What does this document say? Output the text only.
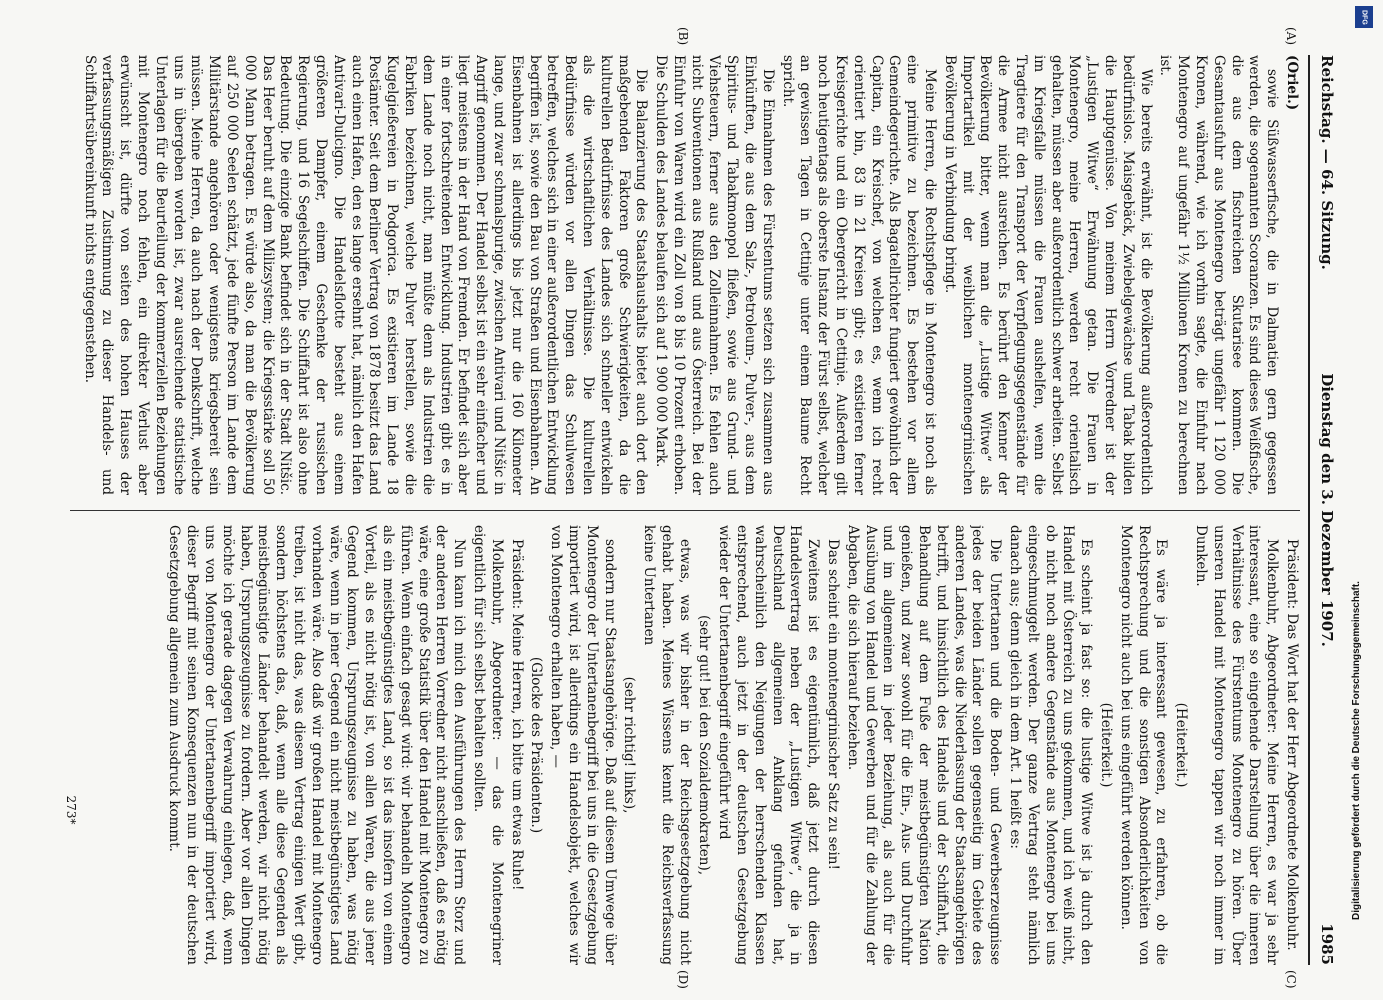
Reichstag. — 64. Sitzung.
Dienstag den 3. Dezember 1907.
1985
(A)
(B)
(C)
(D)

(Oriel.)

sowie Süßwasserfische, die in Dalmatien gern gegessen werden, die sogenannten Scoranzen. Es sind dieses Weißfische, die aus dem fischreichen Skutarisee kommen. Die Gesamtausfuhr aus Montenegro beträgt ungefähr 1 120 000 Kronen, während, wie ich vorhin sagte, die Einfuhr nach Montenegro auf ungefähr 1½ Millionen Kronen zu berechnen ist.

Wie bereits erwähnt, ist die Bevölkerung außerordentlich bedürfnislos. Maisgebäck, Zwiebelgewächse und Tabak bilden die Hauptgenüsse. Von meinem Herrn Vorredner ist der „Lustigen Witwe“ Erwähnung getan. Die Frauen in Montenegro, meine Herren, werden recht orientalisch gehalten, müssen aber außerordentlich schwer arbeiten. Selbst im Kriegsfalle müssen die Frauen aushelfen, wenn die Tragtiere für den Transport der Verpflegungsgegenstände für die Armee nicht ausreichen. Es berührt den Kenner der Bevölkerung bitter, wenn man die „Lustige Witwe“ als Importartikel mit der weiblichen montenegrinischen Bevölkerung in Verbindung bringt.

Meine Herren, die Rechtspflege in Montenegro ist noch als eine primitive zu bezeichnen. Es bestehen vor allem Gemeindegerichte. Als Bagatellrichter fungiert gewöhnlich der Capitan, ein Kreischef, von welchen es, wenn ich recht orientiert bin, 83 in 21 Kreisen gibt; es existieren ferner Kreisgerichte und ein Obergericht in Cettinje. Außerdem gilt noch heutigentags als oberste Instanz der Fürst selbst, welcher an gewissen Tagen in Cettinje unter einem Baume Recht spricht.

Die Einnahmen des Fürstentums setzen sich zusammen aus Einkünften, die aus dem Salz-, Petroleum-, Pulver-, aus dem Spiritus- und Tabakmonopol fließen, sowie aus Grund- und Viehsteuern, ferner aus den Zolleinnahmen. Es fehlen auch nicht Subventionen aus Rußland und aus Österreich. Bei der Einfuhr von Waren wird ein Zoll von 8 bis 10 Prozent erhoben. Die Schulden des Landes belaufen sich auf 1 900 000 Mark.

Die Balanzierung des Staatshaushalts bietet auch dort den maßgebenden Faktoren große Schwierigkeiten, da die kulturellen Bedürfnisse des Landes sich schneller entwickeln als die wirtschaftlichen Verhältnisse. Die kulturellen Bedürfnisse würden vor allen Dingen das Schulwesen betreffen, welches sich in einer außerordentlichen Entwicklung begriffen ist, sowie den Bau von Straßen und Eisenbahnen. An Eisenbahnen ist allerdings bis jetzt nur die 160 Kilometer lange, und zwar schmalspurige, zwischen Antivari und Nitšic in Angriff genommen. Der Handel selbst ist ein sehr einfacher und liegt meistens in der Hand von Fremden. Er befindet sich aber in einer fortschreitenden Entwicklung. Industrien gibt es in dem Lande noch nicht, man müßte denn als Industrien die Fabriken bezeichnen, welche Pulver herstellen, sowie die Kugelgießereien in Podgorica. Es existieren im Lande 18 Postämter. Seit dem Berliner Vertrag von 1878 besitzt das Land auch einen Hafen, den es lange ersehnt hat, nämlich den Hafen Antivari-Dulcigno. Die Handelsflotte besteht aus einem größeren Dampfer, einem Geschenke der russischen Regierung, und 16 Segelschiffen. Die Schiffahrt ist also ohne Bedeutung. Die einzige Bank befindet sich in der Stadt Nitšic. Das Heer beruht auf dem Milizsystem; die Kriegsstärke soll 50 000 Mann betragen. Es würde also, da man die Bevölkerung auf 250 000 Seelen schätzt, jede fünfte Person im Lande dem Militärstande angehören oder wenigstens kriegsbereit sein müssen. Meine Herren, da auch nach der Denkschrift, welche uns in übergeben worden ist, zwar ausreichende statistische Unterlagen für die Beurteilung der kommerziellen Beziehungen mit Montenegro noch fehlen, ein direkter Verlust aber erwünscht ist, dürfte von seiten des hohen Hauses der verfassungsmäßigen Zustimmung zu dieser Handels- und Schiffahrtsübereinkunft nichts entgegenstehen.

Präsident: Das Wort hat der Herr Abgeordnete Molkenbuhr.

Molkenbuhr, Abgeordneter: Meine Herren, es war ja sehr interessant, eine so eingehende Darstellung über die inneren Verhältnisse des Fürstentums Montenegro zu hören. Über unseren Handel mit Montenegro tappen wir noch immer im Dunkeln.

(Heiterkeit.)

Es wäre ja interessant gewesen, zu erfahren, ob die Rechtsprechung und die sonstigen Absonderlichkeiten von Montenegro nicht auch bei uns eingeführt werden können.

(Heiterkeit.)

Es scheint ja fast so: die lustige Witwe ist ja durch den Handel mit Österreich zu uns gekommen, und ich weiß nicht, ob nicht noch andere Gegenstände aus Montenegro bei uns eingeschmuggelt werden. Der ganze Vertrag steht nämlich danach aus; denn gleich in dem Art. 1 heißt es:

Die Untertanen und die Boden- und Gewerbserzeugnisse jedes der beiden Länder sollen gegenseitig im Gebiete des anderen Landes, was die Niederlassung der Staatsangehörigen betrifft, und hinsichtlich des Handels und der Schiffahrt, die Behandlung auf dem Fuße der meistbegünstigten Nation genießen, und zwar sowohl für die Ein-, Aus- und Durchfuhr und im allgemeinen in jeder Beziehung, als auch für die Ausübung von Handel und Gewerben und für die Zahlung der Abgaben, die sich hierauf beziehen.

Das scheint ein montenegrinischer Satz zu sein!

Zweitens ist es eigentümlich, daß jetzt durch diesen Handelsvertrag neben der „Lustigen Witwe“, die ja in Deutschland allgemeinen Anklang gefunden hat, wahrscheinlich den Neigungen der herrschenden Klassen entsprechend, auch jetzt in der deutschen Gesetzgebung wieder der Untertanenbegriff eingeführt wird

(sehr gut! bei den Sozialdemokraten),

etwas, was wir bisher in der Reichsgesetzgebung nicht gehabt haben. Meines Wissens kennt die Reichsverfassung keine Untertanen

(sehr richtig! links),

sondern nur Staatsangehörige. Daß auf diesem Umwege über Montenegro der Untertanenbegriff bei uns in die Gesetzgebung importiert wird, ist allerdings ein Handelsobjekt, welches wir von Montenegro erhalten haben, —

(Glocke des Präsidenten.)

Präsident: Meine Herren, ich bitte um etwas Ruhe!

Molkenbuhr, Abgeordneter: — das die Montenegriner eigentlich für sich selbst behalten sollten.

Nun kann ich mich den Ausführungen des Herrn Storz und der anderen Herren Vorredner nicht anschließen, daß es nötig wäre, eine große Statistik über den Handel mit Montenegro zu führen. Wenn einfach gesagt wird: wir behandeln Montenegro als ein meistbegünstigtes Land, so ist das insofern von einem Vorteil, als es nicht nötig ist, von allen Waren, die aus jener Gegend kommen, Ursprungszeugnisse zu haben, was nötig wäre, wenn in jener Gegend ein nicht meistbegünstigtes Land vorhanden wäre. Also daß wir großen Handel mit Montenegro treiben, ist nicht das, was diesem Vertrag einigen Wert gibt, sondern höchstens das, daß, wenn alle diese Gegenden als meistbegünstigte Länder behandelt werden, wir nicht nötig haben, Ursprungszeugnisse zu fordern. Aber vor allen Dingen möchte ich gerade dagegen Verwahrung einlegen, daß, wenn uns von Montenegro der Untertanenbegriff importiert wird, dieser Begriff mit seinen Konsequenzen nun in der deutschen Gesetzgebung allgemein zum Ausdruck kommt.

273*
DFG
Digitalisierung gefördert durch die Deutsche Forschungsgemeinschaft.
